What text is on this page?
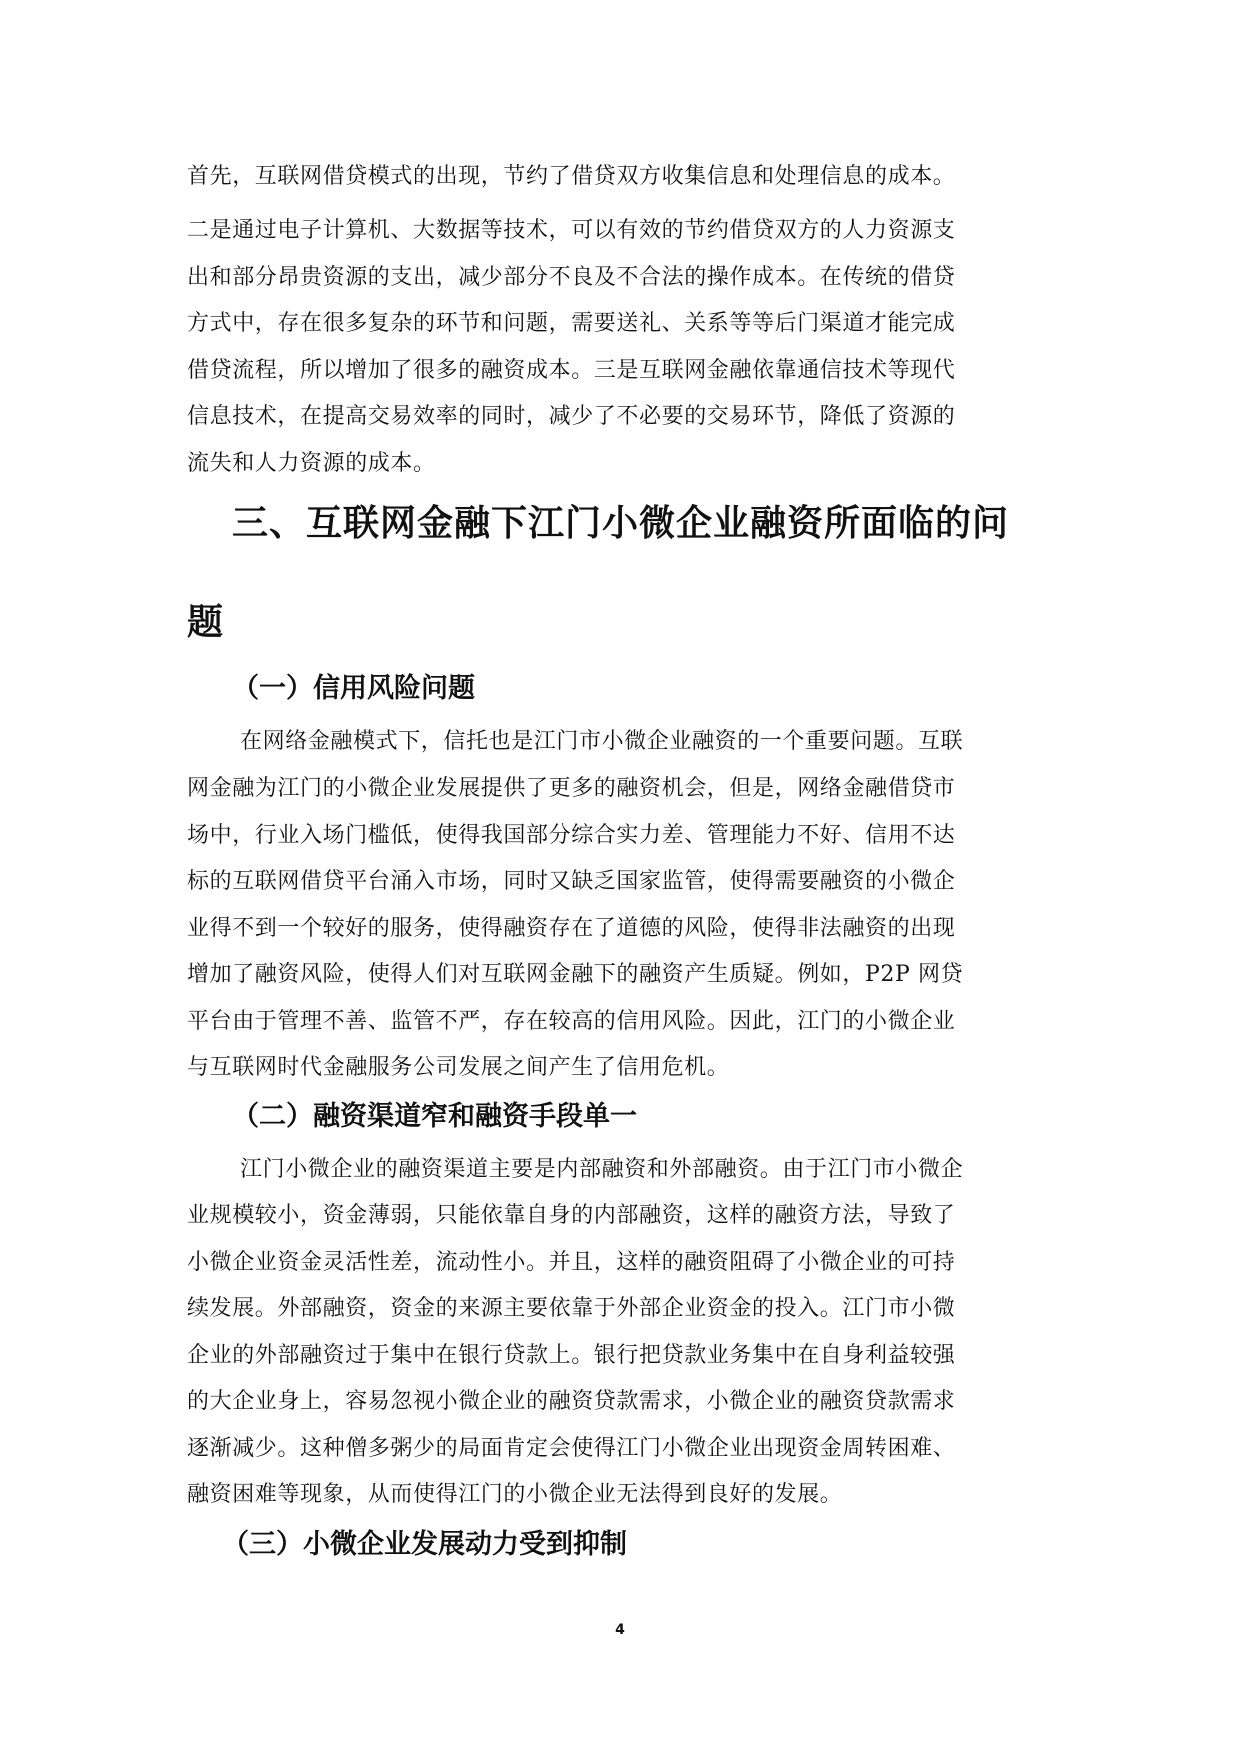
首先，互联网借贷模式的出现，节约了借贷双方收集信息和处理信息的成本。
二是通过电子计算机、大数据等技术，可以有效的节约借贷双方的人力资源支
出和部分昂贵资源的支出，减少部分不良及不合法的操作成本。在传统的借贷
方式中，存在很多复杂的环节和问题，需要送礼、关系等等后门渠道才能完成
借贷流程，所以增加了很多的融资成本。三是互联网金融依靠通信技术等现代
信息技术，在提高交易效率的同时，减少了不必要的交易环节，降低了资源的
流失和人力资源的成本。
三、互联网金融下江门小微企业融资所面临的问
题
（一）信用风险问题
在网络金融模式下，信托也是江门市小微企业融资的一个重要问题。互联
网金融为江门的小微企业发展提供了更多的融资机会，但是，网络金融借贷市
场中，行业入场门槛低，使得我国部分综合实力差、管理能力不好、信用不达
标的互联网借贷平台涌入市场，同时又缺乏国家监管，使得需要融资的小微企
业得不到一个较好的服务，使得融资存在了道德的风险，使得非法融资的出现
增加了融资风险，使得人们对互联网金融下的融资产生质疑。例如，P2P 网贷
平台由于管理不善、监管不严，存在较高的信用风险。因此，江门的小微企业
与互联网时代金融服务公司发展之间产生了信用危机。
（二）融资渠道窄和融资手段单一
江门小微企业的融资渠道主要是内部融资和外部融资。由于江门市小微企
业规模较小，资金薄弱，只能依靠自身的内部融资，这样的融资方法，导致了
小微企业资金灵活性差，流动性小。并且，这样的融资阻碍了小微企业的可持
续发展。外部融资，资金的来源主要依靠于外部企业资金的投入。江门市小微
企业的外部融资过于集中在银行贷款上。银行把贷款业务集中在自身利益较强
的大企业身上，容易忽视小微企业的融资贷款需求，小微企业的融资贷款需求
逐渐减少。这种僧多粥少的局面肯定会使得江门小微企业出现资金周转困难、
融资困难等现象，从而使得江门的小微企业无法得到良好的发展。
（三）小微企业发展动力受到抑制
4
